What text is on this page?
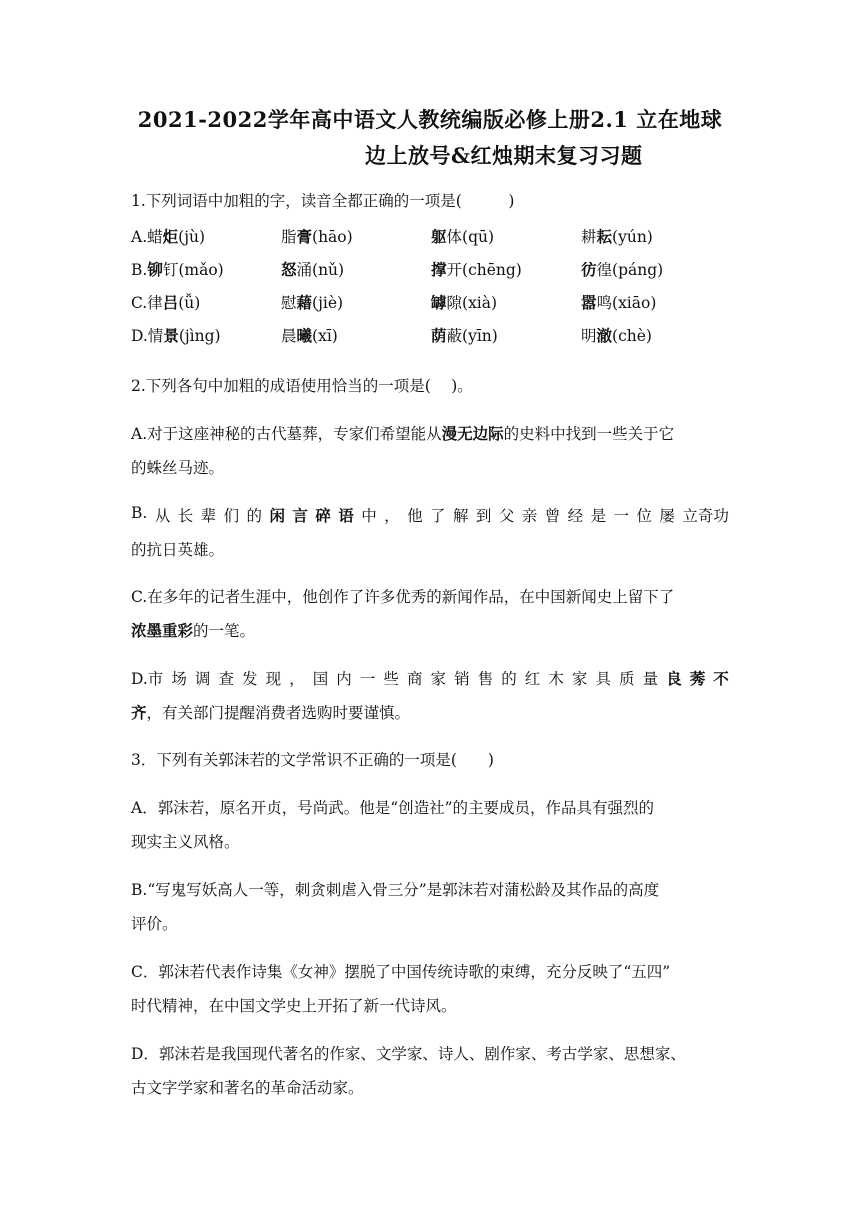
2021-2022学年高中语文人教统编版必修上册2.1 立在地球
边上放号&红烛期末复习习题
1.下列词语中加粗的字，读音全都正确的一项是(　　　)
A.蜡炬(jù)	脂膏(hāo)	躯体(qū)	耕耘(yún)
B.铆钉(mǎo)	怒涌(nǔ)	撑开(chēng)	彷徨(páng)
C.律吕(ǚ)	慰藉(jiè)	罅隙(xià)	嚣鸣(xiāo)
D.情景(jìng)	晨曦(xī)	荫蔽(yīn)	明澈(chè)
2.下列各句中加粗的成语使用恰当的一项是(　 )。
A.对于这座神秘的古代墓葬，专家们希望能从漫无边际的史料中找到一些关于它
的蛛丝马迹。
B. 从 长 辈 们 的 闲 言 碎 语 中 ， 他 了 解 到 父 亲 曾 经 是 一 位 屡 立奇功
的抗日英雄。
C.在多年的记者生涯中，他创作了许多优秀的新闻作品，在中国新闻史上留下了
浓墨重彩的一笔。
D.市 场 调 查 发 现 ， 国 内 一 些 商 家 销 售 的 红 木 家 具 质 量 良 莠 不
齐，有关部门提醒消费者选购时要谨慎。
3．下列有关郭沫若的文学常识不正确的一项是(　　)
A．郭沫若，原名开贞，号尚武。他是“创造社”的主要成员，作品具有强烈的
现实主义风格。
B.“写鬼写妖高人一等，刺贪刺虐入骨三分”是郭沫若对蒲松龄及其作品的高度
评价。
C．郭沫若代表作诗集《女神》摆脱了中国传统诗歌的束缚，充分反映了“五四”
时代精神，在中国文学史上开拓了新一代诗风。
D．郭沫若是我国现代著名的作家、文学家、诗人、剧作家、考古学家、思想家、
古文字学家和著名的革命活动家。
